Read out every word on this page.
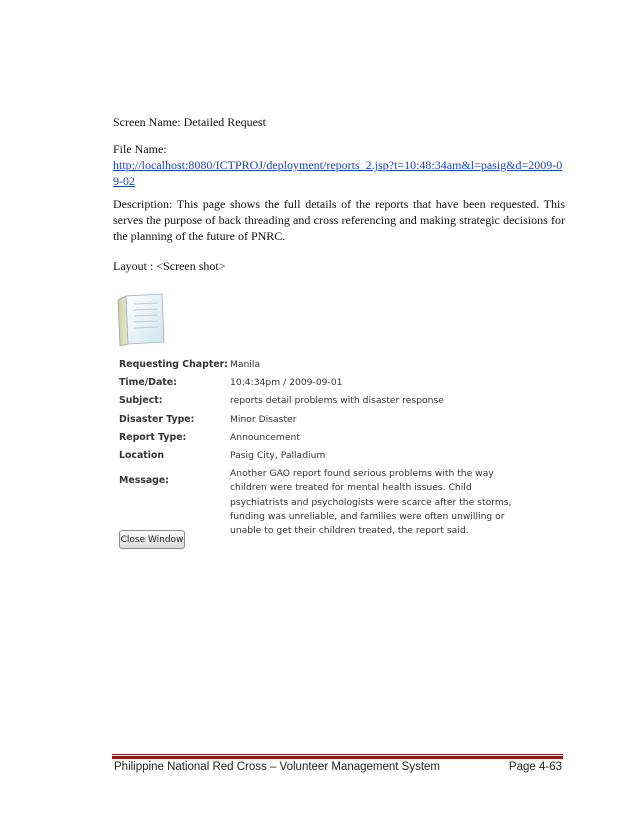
Screen Name: Detailed Request
File Name:
http://localhost:8080/ICTPROJ/deployment/reports_2.jsp?t=10:48:34am&l=pasig&d=2009-09-02
Description: This page shows the full details of the reports that have been requested. This serves the purpose of back threading and cross referencing and making strategic decisions for the planning of the future of PNRC.
Layout : <Screen shot>
Requesting Chapter: Manila
Time/Date:	10:4:34pm / 2009-09-01
Subject:	reports detail problems with disaster response
Disaster Type:	Minor Disaster
Report Type:	Announcement
Location	Pasig City, Palladium
Message:
Another GAO report found serious problems with the way children were treated for mental health issues. Child psychiatrists and psychologists were scarce after the storms, funding was unreliable, and families were often unwilling or unable to get their children treated, the report said.
Close Window
Philippine National Red Cross – Volunteer Management System	Page 4-63
